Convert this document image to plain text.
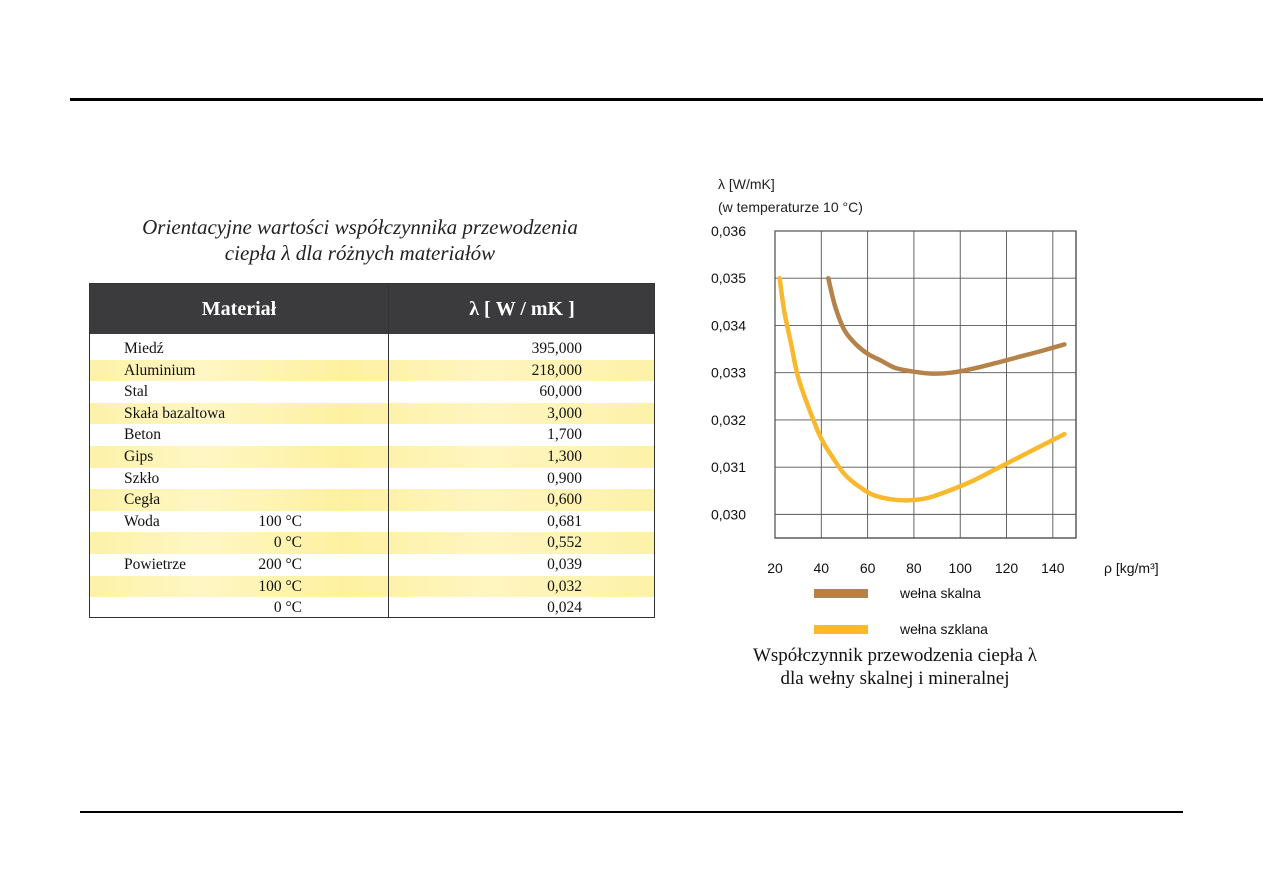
Orientacyjne wartości współczynnika przewodzenia
ciepła λ dla różnych materiałów
Materiał	λ [ W / mK ]
Miedź	395,000
Aluminium	218,000
Stal	60,000
Skała bazaltowa	3,000
Beton	1,700
Gips	1,300
Szkło	0,900
Cegła	0,600
Woda	100 °C	0,681
0 °C	0,552
Powietrze	200 °C	0,039
100 °C	0,032
0 °C	0,024
λ [W/mK]
(w temperaturze 10 °C)
20 40 60 80 100 120 140
0,030
0,031
0,032
0,033
0,034
0,035
0,036
ρ [kg/m³]
wełna skalna
wełna szklana
Współczynnik przewodzenia ciepła λ
dla wełny skalnej i mineralnej
